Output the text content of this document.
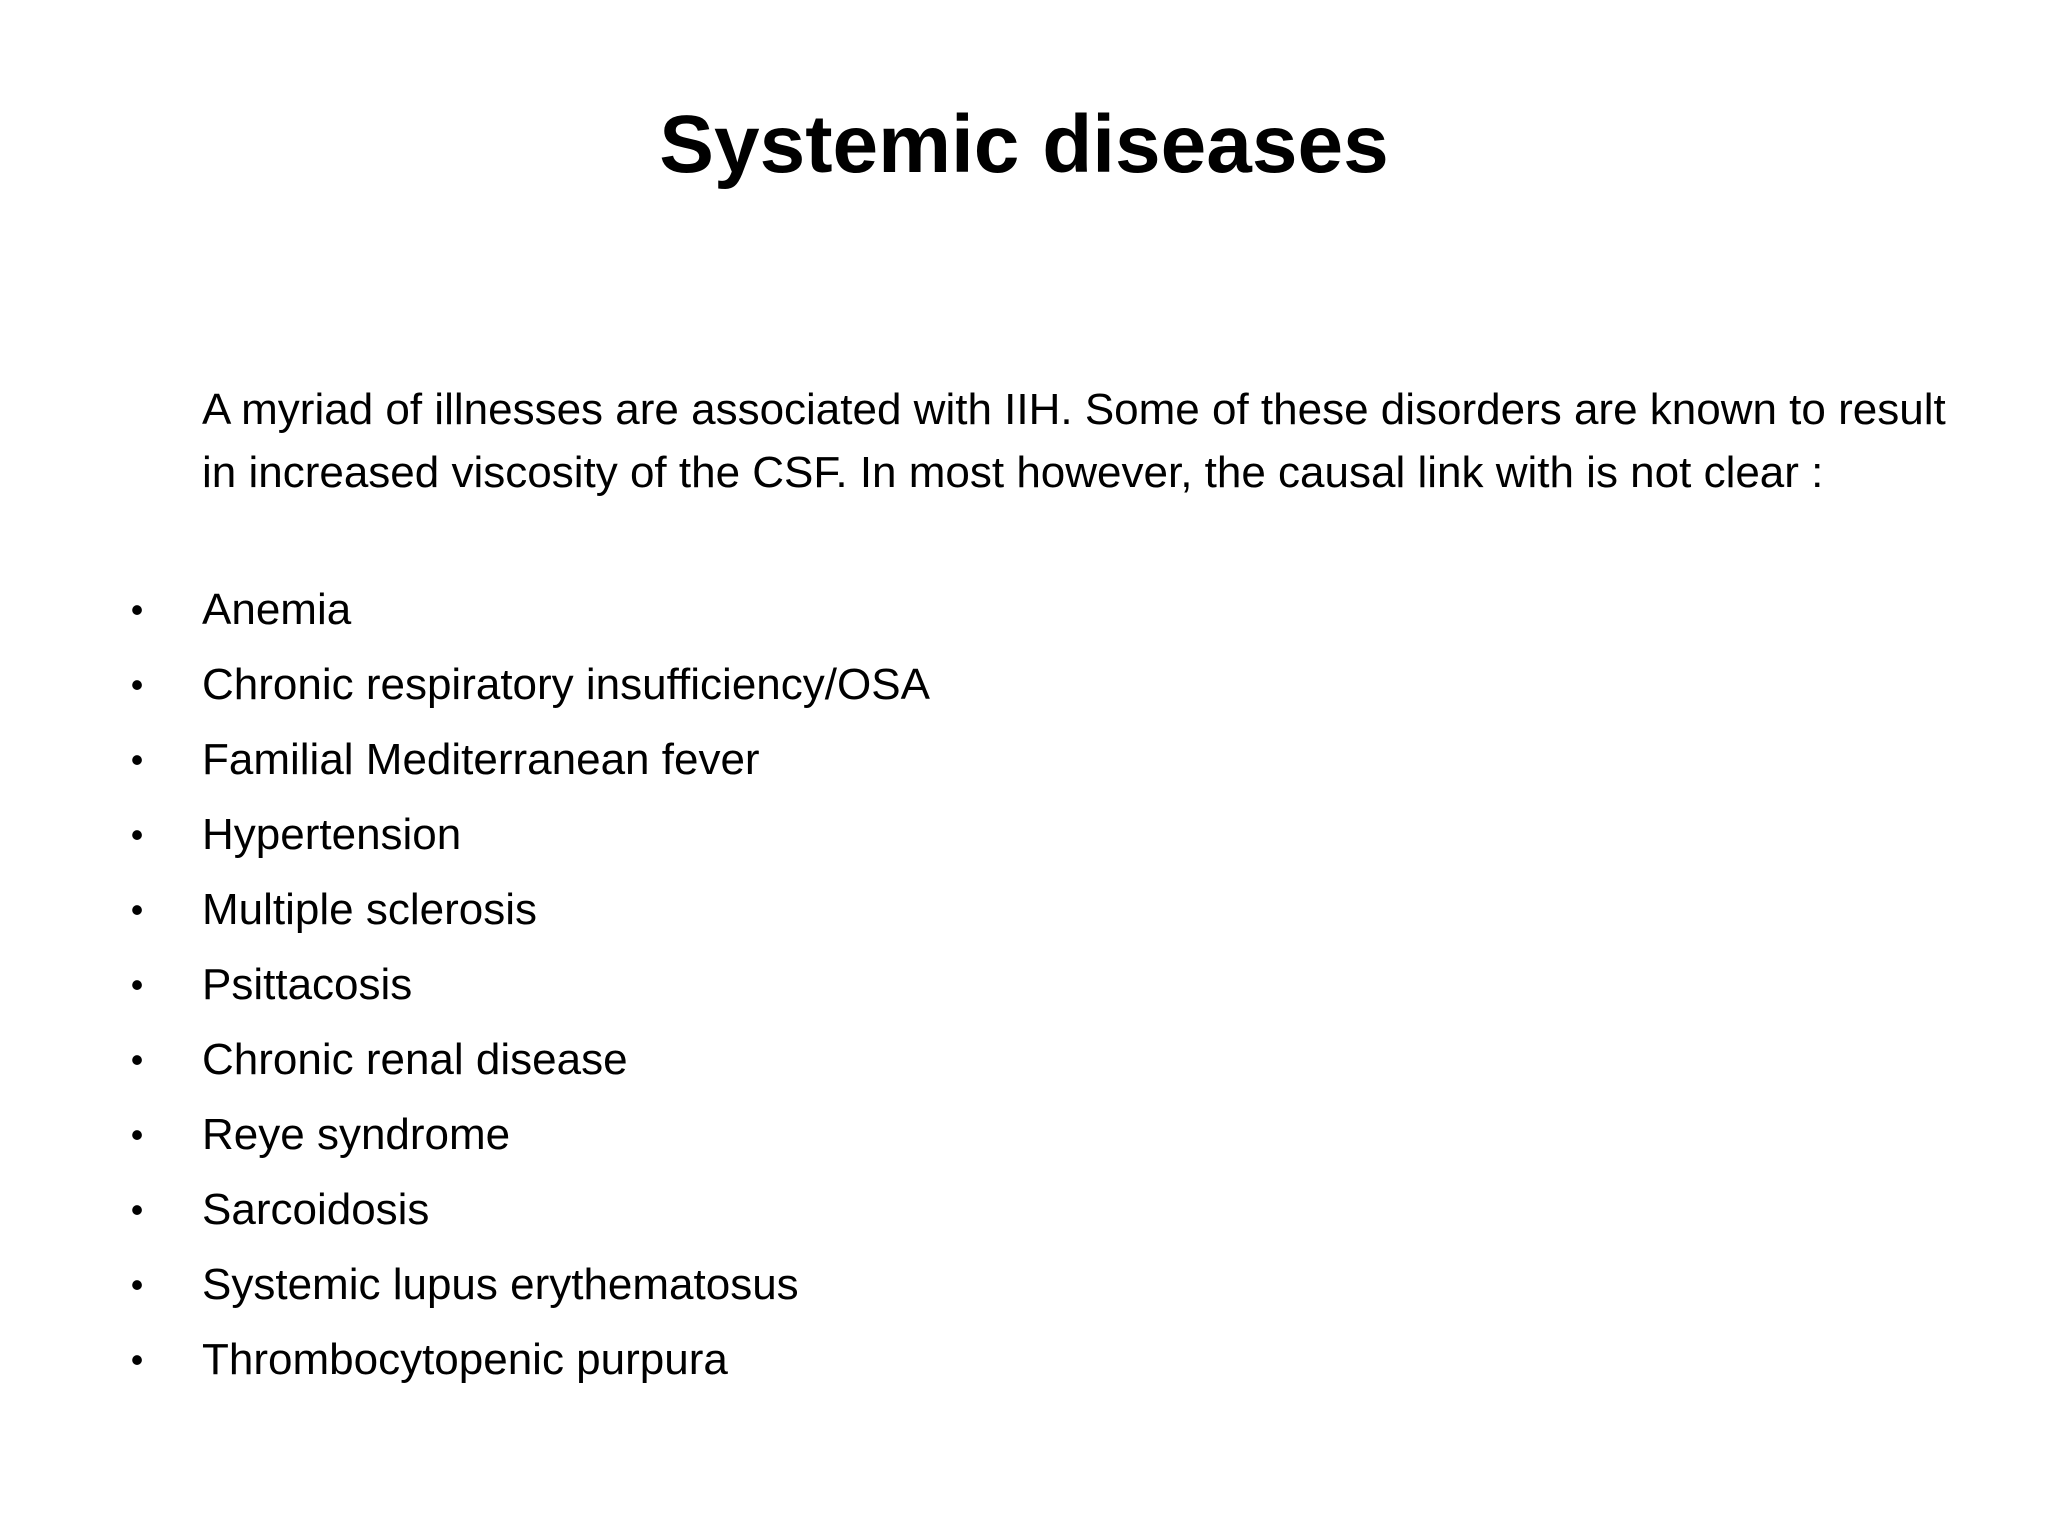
Systemic diseases
A myriad of illnesses are associated with IIH. Some of these disorders are known to result in increased viscosity of the CSF. In most however, the causal link with is not clear :
• Anemia
• Chronic respiratory insufficiency/OSA
• Familial Mediterranean fever
• Hypertension
• Multiple sclerosis
• Psittacosis
• Chronic renal disease
• Reye syndrome
• Sarcoidosis
• Systemic lupus erythematosus
• Thrombocytopenic purpura
